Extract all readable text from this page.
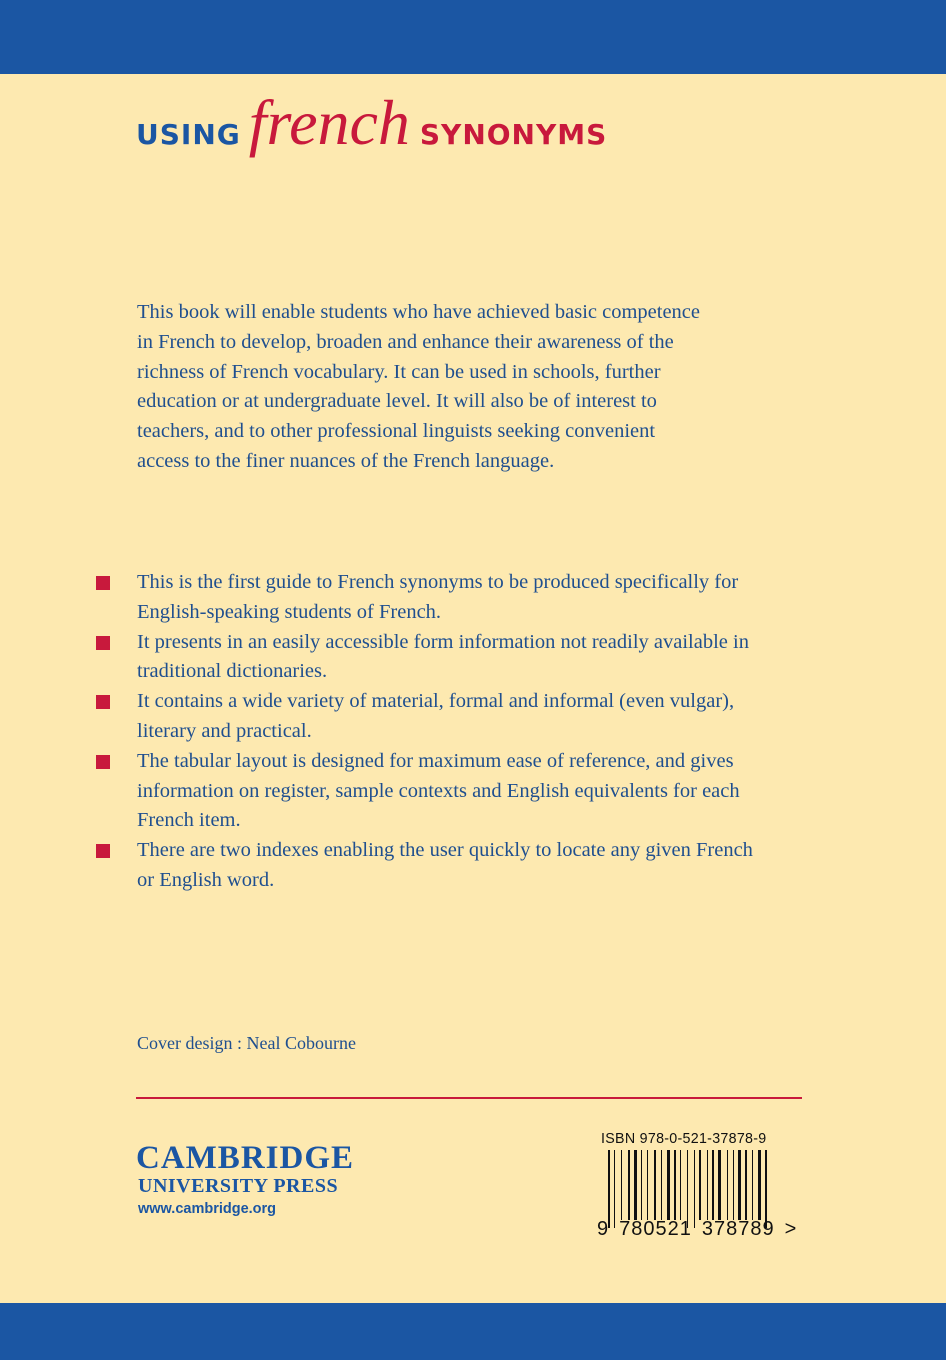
USING french SYNONYMS

This book will enable students who have achieved basic competence

in French to develop, broaden and enhance their awareness of the

richness of French vocabulary. It can be used in schools, further

education or at undergraduate level. It will also be of interest to

teachers, and to other professional linguists seeking convenient

access to the finer nuances of the French language.

This is the first guide to French synonyms to be produced specifically for
English-speaking students of French.
It presents in an easily accessible form information not readily available in
traditional dictionaries.
It contains a wide variety of material, formal and informal (even vulgar),
literary and practical.
The tabular layout is designed for maximum ease of reference, and gives
information on register, sample contexts and English equivalents for each
French item.
There are two indexes enabling the user quickly to locate any given French
or English word.
Cover design : Neal Cobourne
CAMBRIDGE
UNIVERSITY PRESS
www.cambridge.org
ISBN 978-0-521-37878-9
9 780521 378789 >
